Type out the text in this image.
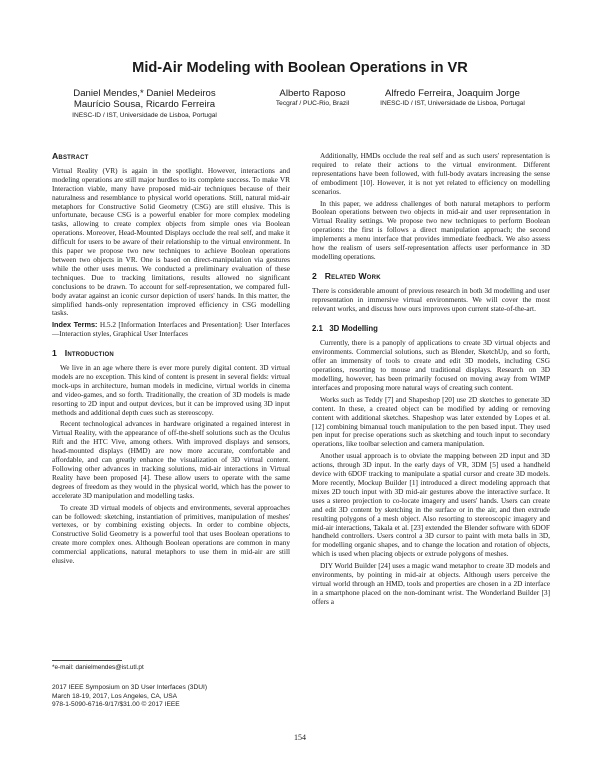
Mid-Air Modeling with Boolean Operations in VR
Daniel Mendes,* Daniel Medeiros
Maurício Sousa, Ricardo Ferreira
INESC-ID / IST, Universidade de Lisboa, Portugal
Alberto Raposo
Tecgraf / PUC-Rio, Brazil
Alfredo Ferreira, Joaquim Jorge
INESC-ID / IST, Universidade de Lisboa, Portugal
Abstract

Virtual Reality (VR) is again in the spotlight. However, interactions and modeling operations are still major hurdles to its complete success. To make VR Interaction viable, many have proposed mid-air techniques because of their naturalness and resemblance to physical world operations. Still, natural mid-air metaphors for Constructive Solid Geometry (CSG) are still elusive. This is unfortunate, because CSG is a powerful enabler for more complex modeling tasks, allowing to create complex objects from simple ones via Boolean operations. Moreover, Head-Mounted Displays occlude the real self, and make it difficult for users to be aware of their relationship to the virtual environment. In this paper we propose two new techniques to achieve Boolean operations between two objects in VR. One is based on direct-manipulation via gestures while the other uses menus. We conducted a preliminary evaluation of these techniques. Due to tracking limitations, results allowed no significant conclusions to be drawn. To account for self-representation, we compared full-body avatar against an iconic cursor depiction of users' hands. In this matter, the simplified hands-only representation improved efficiency in CSG modelling tasks.

Index Terms: H.5.2 [Information Interfaces and Presentation]: User Interfaces—Interaction styles, Graphical User Interfaces

1   Introduction

We live in an age where there is ever more purely digital content. 3D virtual models are no exception. This kind of content is present in several fields: virtual mock-ups in architecture, human models in medicine, virtual worlds in cinema and video-games, and so forth. Traditionally, the creation of 3D models is made resorting to 2D input and output devices, but it can be improved using 3D input methods and additional depth cues such as stereoscopy.

Recent technological advances in hardware originated a regained interest in Virtual Reality, with the appearance of off-the-shelf solutions such as the Oculus Rift and the HTC Vive, among others. With improved displays and sensors, head-mounted displays (HMD) are now more accurate, comfortable and affordable, and can greatly enhance the visualization of 3D virtual content. Following other advances in tracking solutions, mid-air interactions in Virtual Reality have been proposed [4]. These allow users to operate with the same degrees of freedom as they would in the physical world, which has the power to accelerate 3D manipulation and modelling tasks.

To create 3D virtual models of objects and environments, several approaches can be followed: sketching, instantiation of primitives, manipulation of meshes' vertexes, or by combining existing objects. In order to combine objects, Constructive Solid Geometry is a powerful tool that uses Boolean operations to create more complex ones. Although Boolean operations are common in many commercial applications, natural metaphors to use them in mid-air are still elusive.

*e-mail: danielmendes@ist.utl.pt
2017 IEEE Symposium on 3D User Interfaces (3DUI)
March 18-19, 2017, Los Angeles, CA, USA
978-1-5090-6716-9/17/$31.00 © 2017 IEEE

Additionally, HMDs occlude the real self and as such users' representation is required to relate their actions to the virtual environment. Different representations have been followed, with full-body avatars increasing the sense of embodiment [10]. However, it is not yet related to efficiency on modelling scenarios.

In this paper, we address challenges of both natural metaphors to perform Boolean operations between two objects in mid-air and user representation in Virtual Reality settings. We propose two new techniques to perform Boolean operations: the first is follows a direct manipulation approach; the second implements a menu interface that provides immediate feedback. We also assess how the realism of users self-representation affects user performance in 3D modelling operations.

2   Related Work

There is considerable amount of previous research in both 3d modelling and user representation in immersive virtual environments. We will cover the most relevant works, and discuss how ours improves upon current state-of-the-art.

2.1   3D Modelling

Currently, there is a panoply of applications to create 3D virtual objects and environments. Commercial solutions, such as Blender, SketchUp, and so forth, offer an immensity of tools to create and edit 3D models, including CSG operations, resorting to mouse and traditional displays. Research on 3D modelling, however, has been primarily focused on moving away from WIMP interfaces and proposing more natural ways of creating such content.

Works such as Teddy [7] and Shapeshop [20] use 2D sketches to generate 3D content. In these, a created object can be modified by adding or removing content with additional sketches. Shapeshop was later extended by Lopes et al. [12] combining bimanual touch manipulation to the pen based input. They used pen input for precise operations such as sketching and touch input to secondary operations, like toolbar selection and camera manipulation.

Another usual approach is to obviate the mapping between 2D input and 3D actions, through 3D input. In the early days of VR, 3DM [5] used a handheld device with 6DOF tracking to manipulate a spatial cursor and create 3D models. More recently, Mockup Builder [1] introduced a direct modeling approach that mixes 2D touch input with 3D mid-air gestures above the interactive surface. It uses a stereo projection to co-locate imagery and users' hands. Users can create and edit 3D content by sketching in the surface or in the air, and then extrude resulting polygons of a mesh object. Also resorting to stereoscopic imagery and mid-air interactions, Takala et al. [23] extended the Blender software with 6DOF handheld controllers. Users control a 3D cursor to paint with meta balls in 3D, for modelling organic shapes, and to change the location and rotation of objects, which is used when placing objects or extrude polygons of meshes.

DIY World Builder [24] uses a magic wand metaphor to create 3D models and environments, by pointing in mid-air at objects. Although users perceive the virtual world through an HMD, tools and properties are chosen in a 2D interface in a smartphone placed on the non-dominant wrist. The Wonderland Builder [3] offers a

154
